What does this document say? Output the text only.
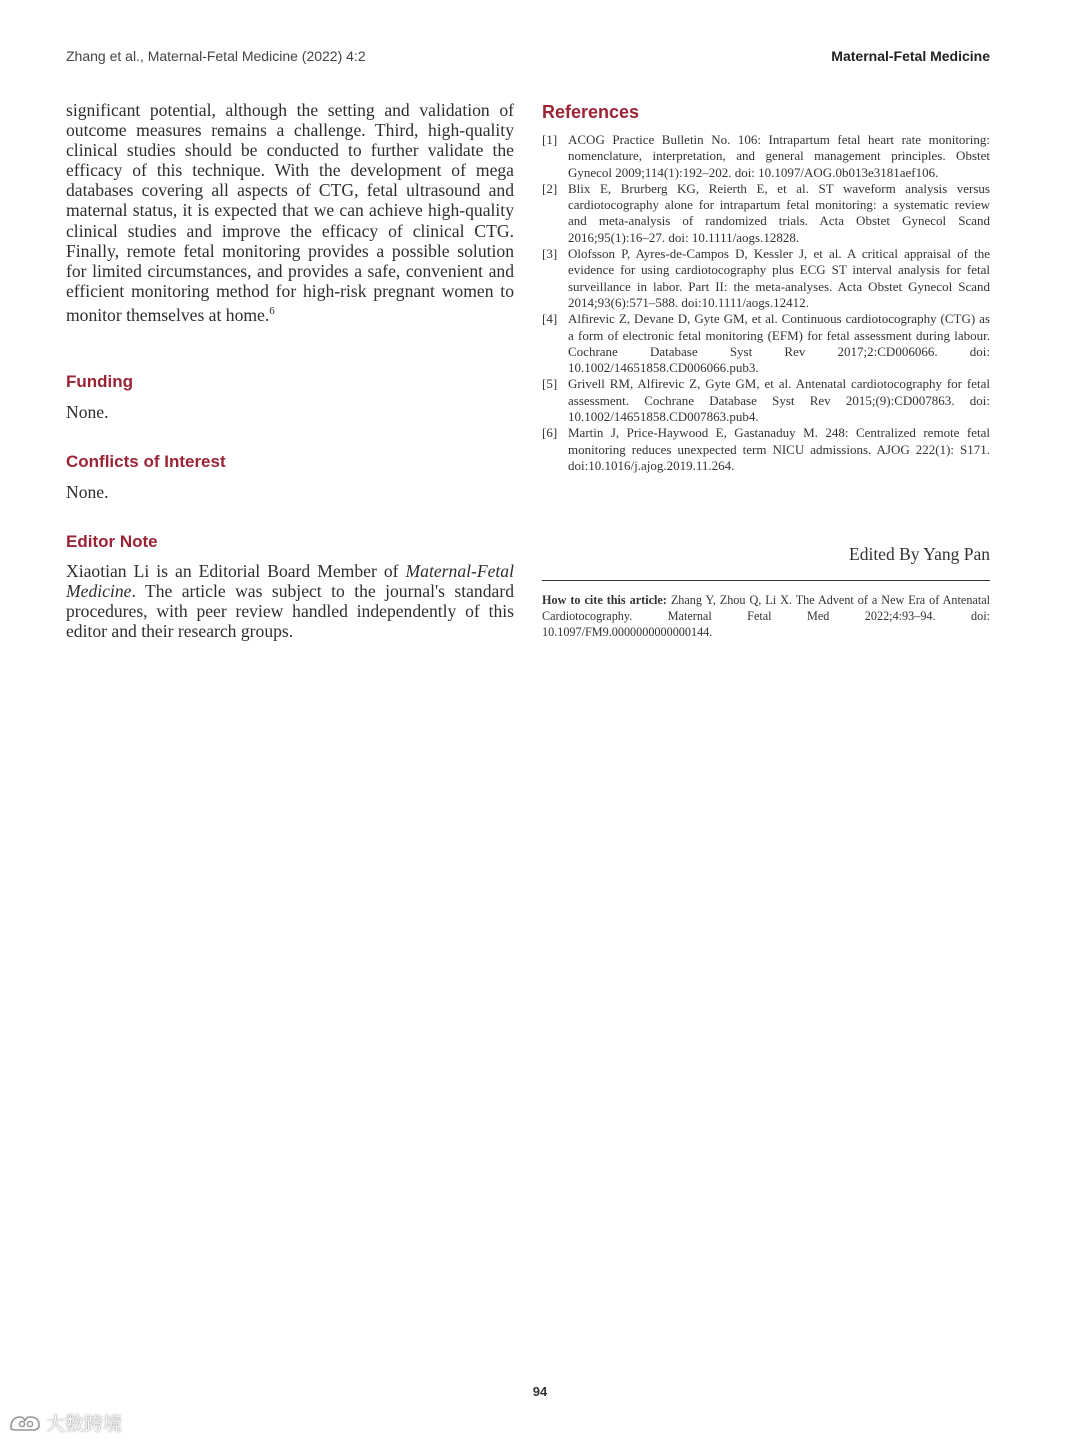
Zhang et al., Maternal-Fetal Medicine (2022) 4:2	Maternal-Fetal Medicine

significant potential, although the setting and validation of outcome measures remains a challenge. Third, high-quality clinical studies should be conducted to further validate the efficacy of this technique. With the development of mega databases covering all aspects of CTG, fetal ultrasound and maternal status, it is expected that we can achieve high-quality clinical studies and improve the efficacy of clinical CTG. Finally, remote fetal monitoring provides a possible solution for limited circumstances, and provides a safe, convenient and efficient monitoring method for high-risk pregnant women to monitor themselves at home.$^6$

Funding

None.

Conflicts of Interest

None.

Editor Note

Xiaotian Li is an Editorial Board Member of Maternal-Fetal Medicine. The article was subject to the journal's standard procedures, with peer review handled independently of this editor and their research groups.

References
[1] ACOG Practice Bulletin No. 106: Intrapartum fetal heart rate monitoring: nomenclature, interpretation, and general management principles. Obstet Gynecol 2009;114(1):192–202. doi: 10.1097/AOG.0b013e3181aef106.
[2] Blix E, Brurberg KG, Reierth E, et al. ST waveform analysis versus cardiotocography alone for intrapartum fetal monitoring: a systematic review and meta-analysis of randomized trials. Acta Obstet Gynecol Scand 2016;95(1):16–27. doi: 10.1111/aogs.12828.
[3] Olofsson P, Ayres-de-Campos D, Kessler J, et al. A critical appraisal of the evidence for using cardiotocography plus ECG ST interval analysis for fetal surveillance in labor. Part II: the meta-analyses. Acta Obstet Gynecol Scand 2014;93(6):571–588. doi:10.1111/aogs.12412.
[4] Alfirevic Z, Devane D, Gyte GM, et al. Continuous cardiotocography (CTG) as a form of electronic fetal monitoring (EFM) for fetal assessment during labour. Cochrane Database Syst Rev 2017;2:CD006066. doi: 10.1002/14651858.CD006066.pub3.
[5] Grivell RM, Alfirevic Z, Gyte GM, et al. Antenatal cardiotocography for fetal assessment. Cochrane Database Syst Rev 2015;(9):CD007863. doi: 10.1002/14651858.CD007863.pub4.
[6] Martin J, Price-Haywood E, Gastanaduy M. 248: Centralized remote fetal monitoring reduces unexpected term NICU admissions. AJOG 222(1): S171. doi:10.1016/j.ajog.2019.11.264.
Edited By Yang Pan
How to cite this article: Zhang Y, Zhou Q, Li X. The Advent of a New Era of Antenatal Cardiotocography. Maternal Fetal Med 2022;4:93–94. doi: 10.1097/FM9.0000000000000144.
94
大数跨境
